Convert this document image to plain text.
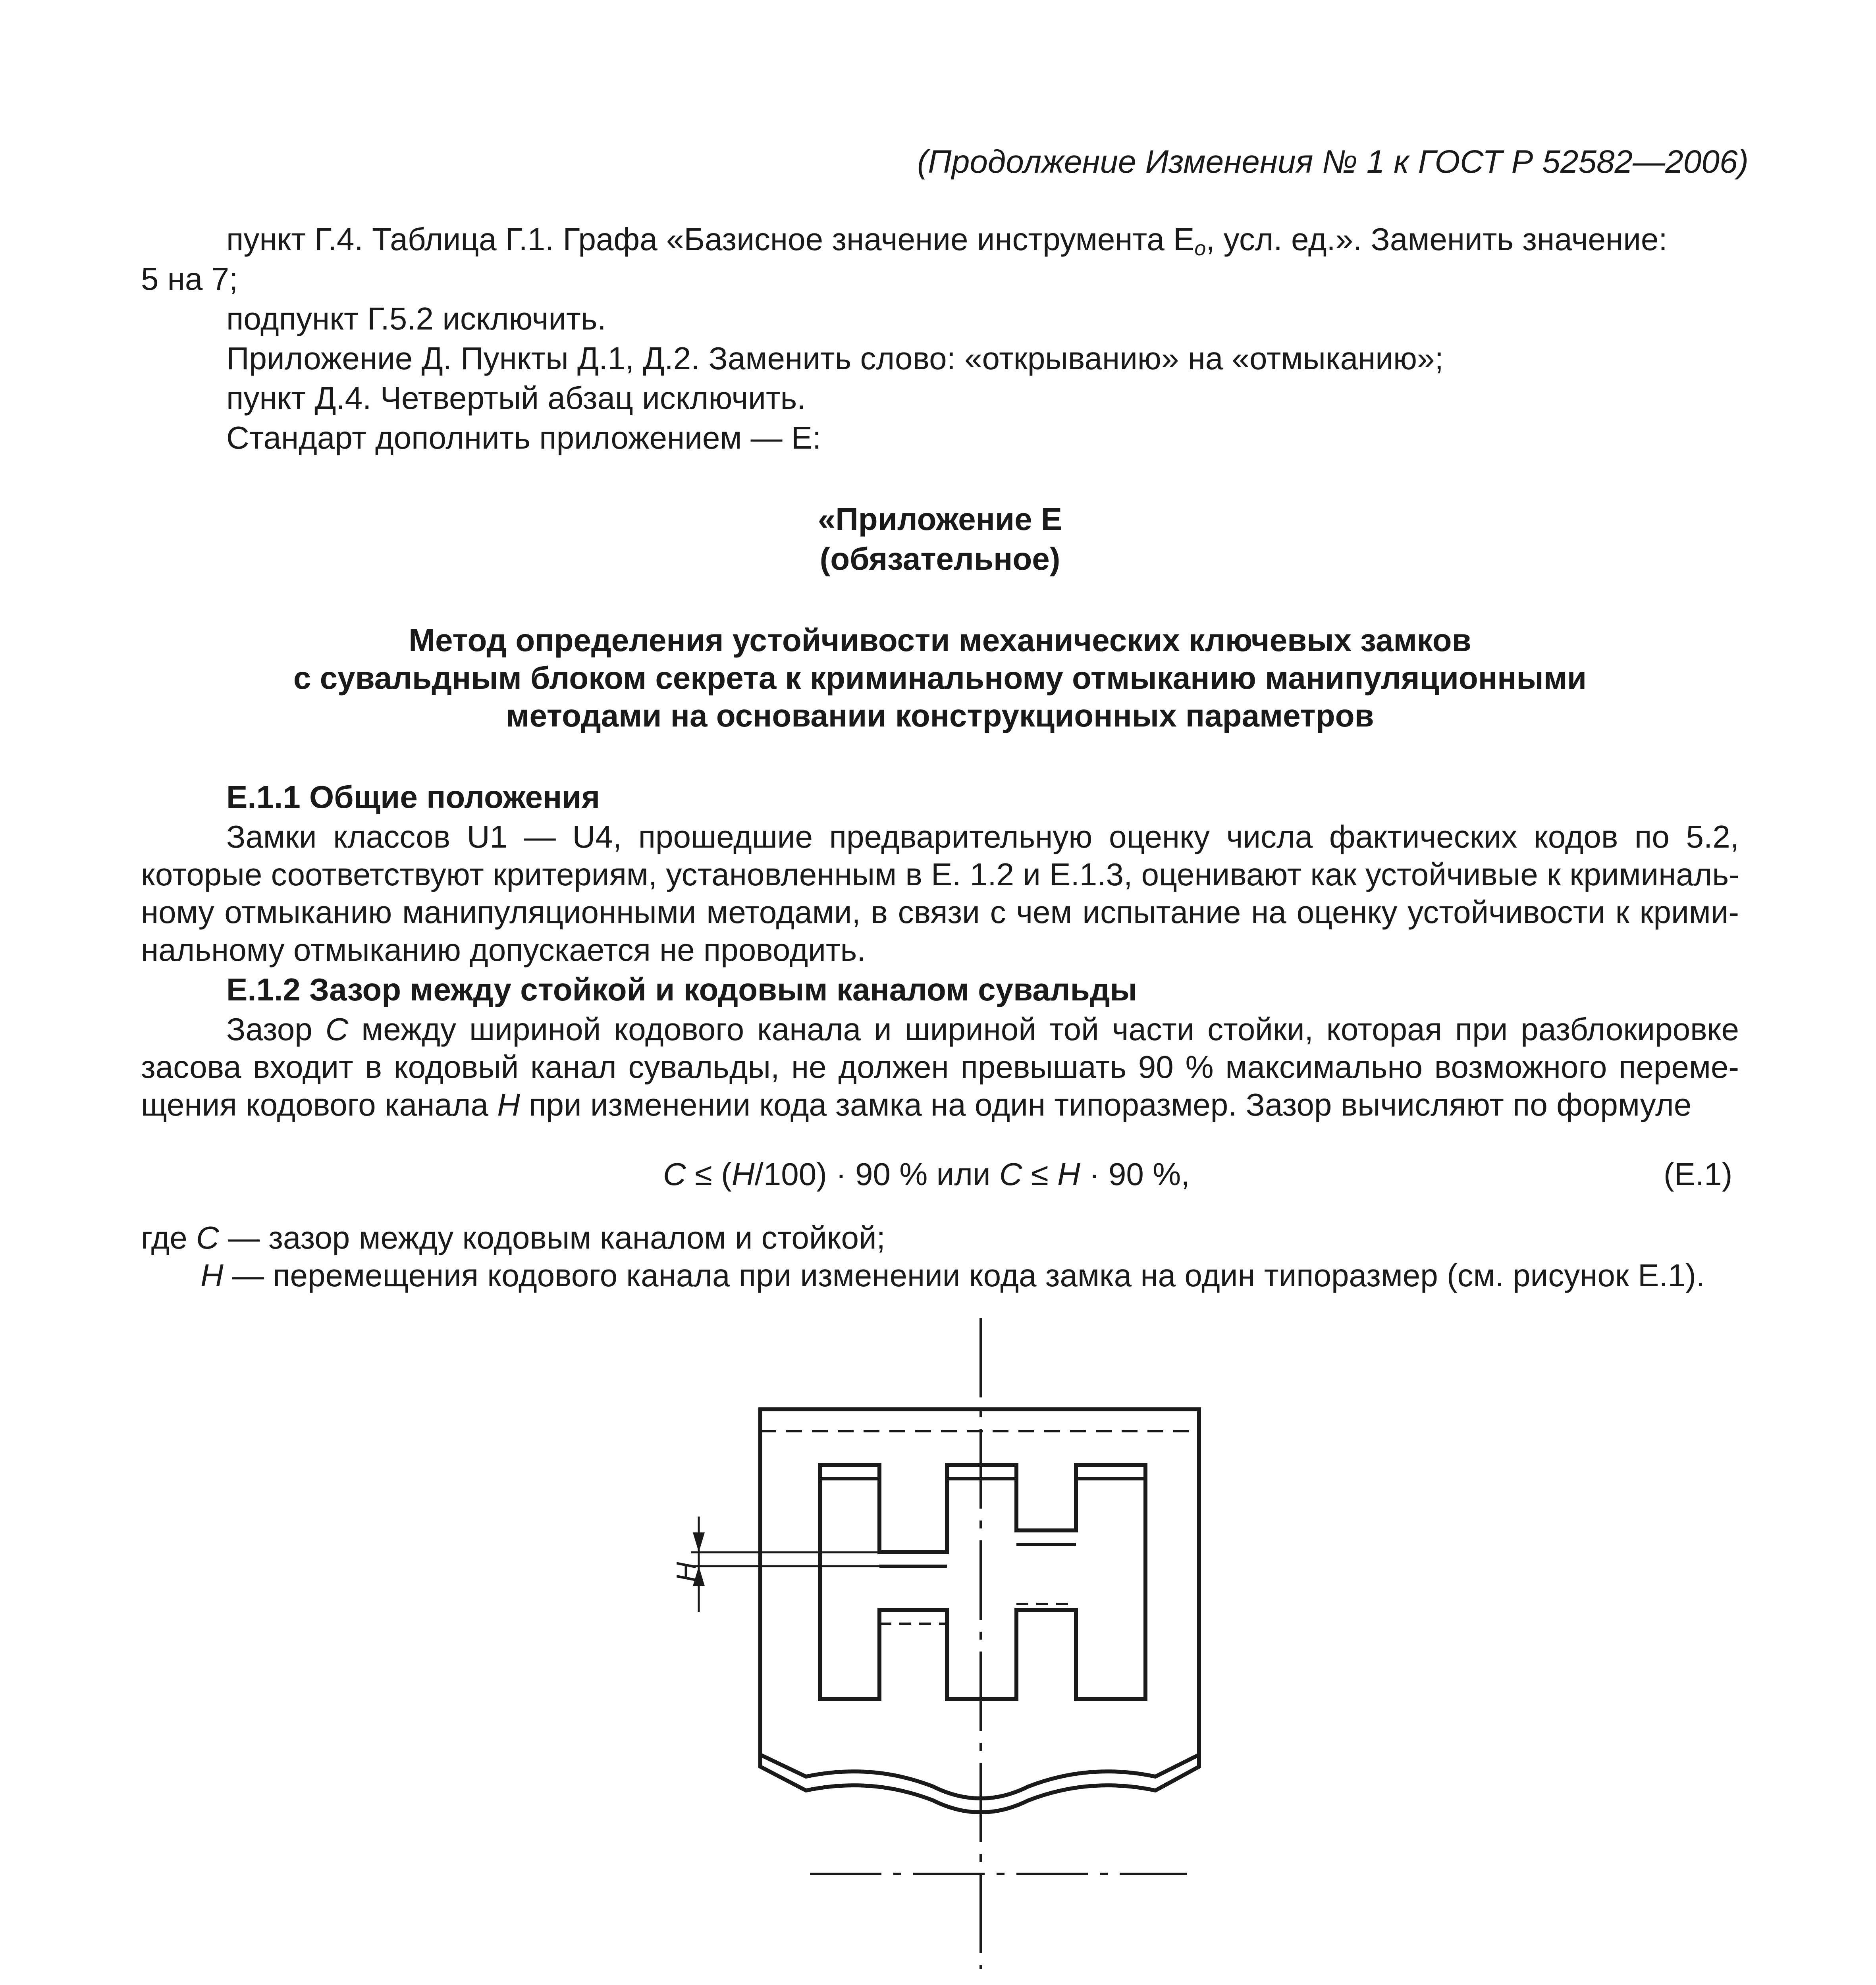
(Продолжение Изменения № 1 к ГОСТ Р 52582—2006)
пункт Г.4. Таблица Г.1. Графа «Базисное значение инструмента $E_o$, усл. ед.». Заменить значение:
5 на 7;
подпункт Г.5.2 исключить.
Приложение Д. Пункты Д.1, Д.2. Заменить слово: «открыванию» на «отмыканию»;
пункт Д.4. Четвертый абзац исключить.
Стандарт дополнить приложением — Е:
«Приложение Е
(обязательное)
Метод определения устойчивости механических ключевых замков
с сувальдным блоком секрета к криминальному отмыканию манипуляционными
методами на основании конструкционных параметров
Е.1.1 Общие положения
Замки классов U1 — U4, прошедшие предварительную оценку числа фактических кодов по 5.2,
которые соответствуют критериям, установленным в Е. 1.2 и Е.1.3, оценивают как устойчивые к криминаль-
ному отмыканию манипуляционными методами, в связи с чем испытание на оценку устойчивости к крими-
нальному отмыканию допускается не проводить.
Е.1.2 Зазор между стойкой и кодовым каналом сувальды
Зазор С между шириной кодового канала и шириной той части стойки, которая при разблокировке
засова входит в кодовый канал сувальды, не должен превышать 90 % максимально возможного переме-
щения кодового канала Н при изменении кода замка на один типоразмер. Зазор вычисляют по формуле
C ≤ (H/100) · 90 % или C ≤ H · 90 %,	(Е.1)
где С — зазор между кодовым каналом и стойкой;
Н — перемещения кодового канала при изменении кода замка на один типоразмер (см. рисунок Е.1).
H
